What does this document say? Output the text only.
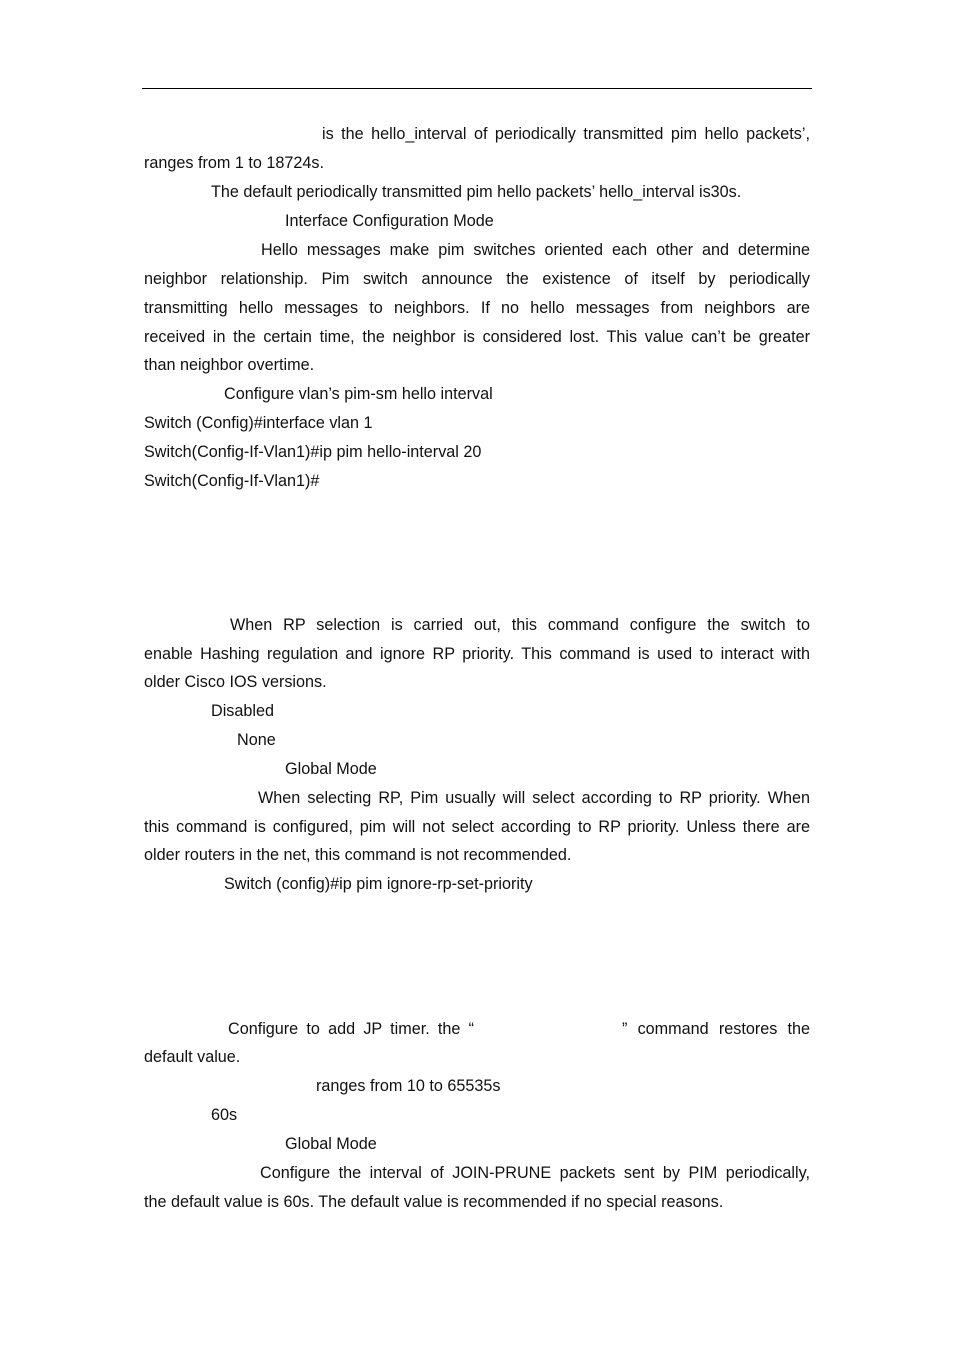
is the hello_interval of periodically transmitted pim hello packets’,
ranges from 1 to 18724s.
The default periodically transmitted pim hello packets’ hello_interval is30s.
Interface Configuration Mode
Hello messages make pim switches oriented each other and determine
neighbor relationship. Pim switch announce the existence of itself by periodically
transmitting hello messages to neighbors. If no hello messages from neighbors are
received in the certain time, the neighbor is considered lost. This value can’t be greater
than neighbor overtime.
Configure vlan’s pim-sm hello interval
Switch (Config)#interface vlan 1
Switch(Config-If-Vlan1)#ip pim hello-interval 20
Switch(Config-If-Vlan1)#
When RP selection is carried out, this command configure the switch to
enable Hashing regulation and ignore RP priority. This command is used to interact with
older Cisco IOS versions.
Disabled
None
Global Mode
When selecting RP, Pim usually will select according to RP priority. When
this command is configured, pim will not select according to RP priority. Unless there are
older routers in the net, this command is not recommended.
Switch (config)#ip pim ignore-rp-set-priority
Configure to add JP timer. the “	” command restores the
default value.
ranges from 10 to 65535s
60s
Global Mode
Configure the interval of JOIN-PRUNE packets sent by PIM periodically,
the default value is 60s. The default value is recommended if no special reasons.
